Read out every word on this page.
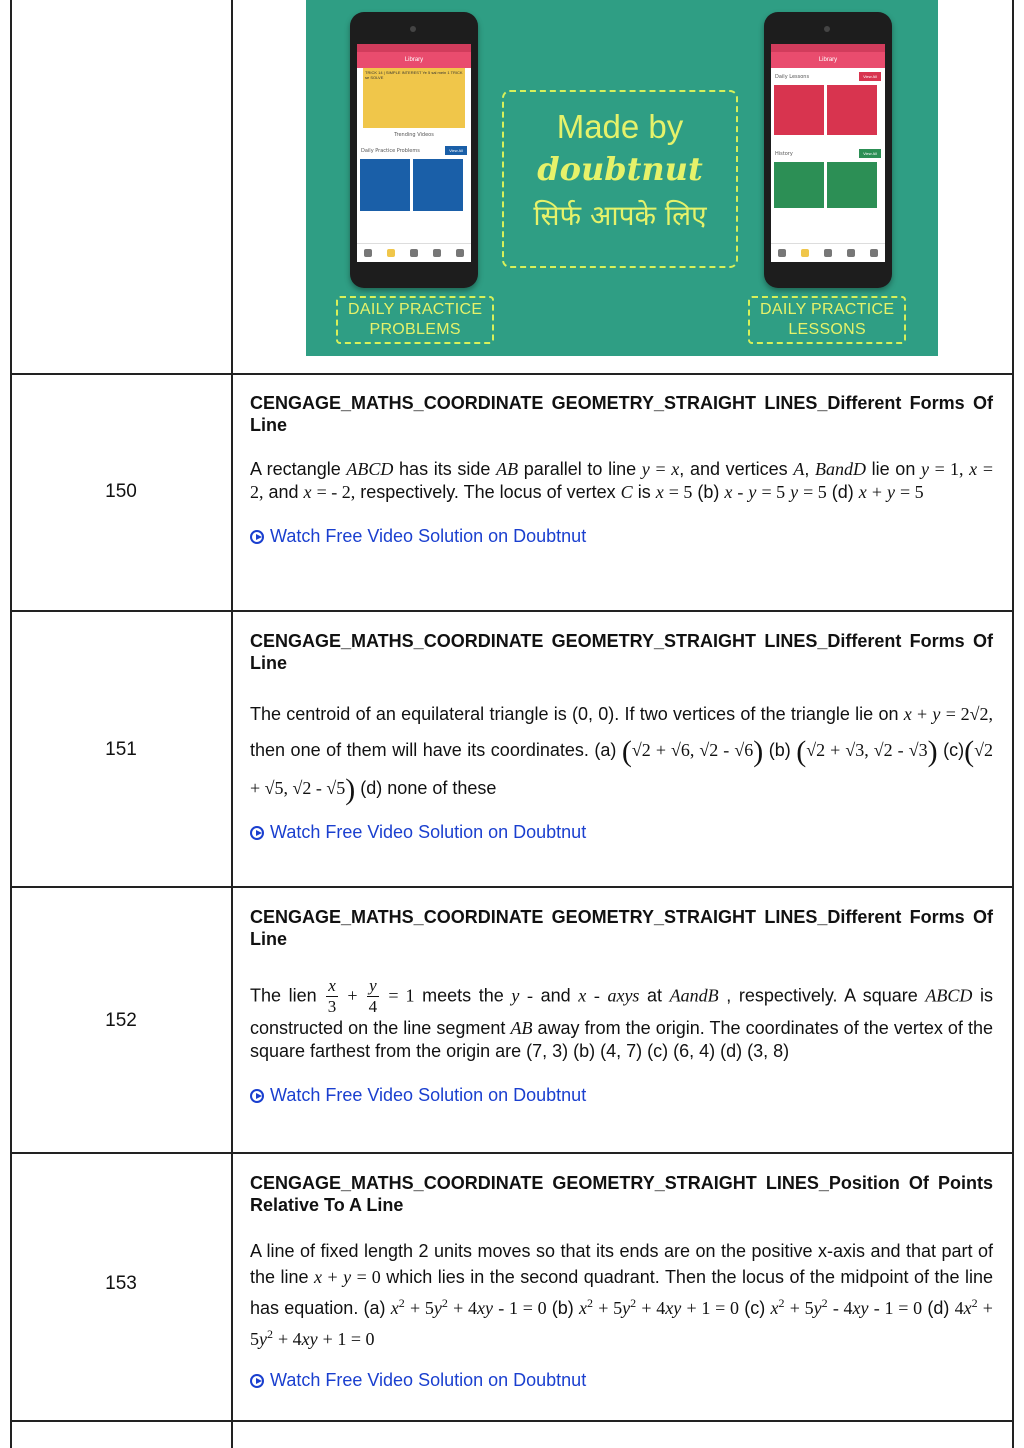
Library
TRICK 14 | SIMPLE INTEREST Ye 5 sal mein 1 TRICK se SOLVE
Trending Videos
Daily Practice Problems	View All
Library
Daily Lessons	View All
History	View All
Made by
doubtnut
सिर्फ आपके लिए
DAILY PRACTICE
PROBLEMS
DAILY PRACTICE
LESSONS
150
CENGAGE_MATHS_COORDINATE GEOMETRY_STRAIGHT LINES_Different Forms Of Line
A rectangle ABCD has its side AB parallel to line y = x, and vertices A, BandD lie on y = 1, x = 2, and x = - 2, respectively. The locus of vertex C is x = 5 (b) x - y = 5 y = 5 (d) x + y = 5
Watch Free Video Solution on Doubtnut
151
CENGAGE_MATHS_COORDINATE GEOMETRY_STRAIGHT LINES_Different Forms Of Line
The centroid of an equilateral triangle is (0, 0). If two vertices of the triangle lie on x + y = 2√2, then one of them will have its coordinates. (a) (√2 + √6, √2 - √6) (b) (√2 + √3, √2 - √3) (c)(√2 + √5, √2 - √5) (d) none of these
Watch Free Video Solution on Doubtnut
152
CENGAGE_MATHS_COORDINATE GEOMETRY_STRAIGHT LINES_Different Forms Of Line
The lien $\frac{x}{3} + \frac{y}{4} = 1$ meets the y - and x - axys at AandB , respectively. A square ABCD is constructed on the line segment AB away from the origin. The coordinates of the vertex of the square farthest from the origin are (7, 3) (b) (4, 7) (c) (6, 4) (d) (3, 8)
Watch Free Video Solution on Doubtnut
153
CENGAGE_MATHS_COORDINATE GEOMETRY_STRAIGHT LINES_Position Of Points Relative To A Line
A line of fixed length 2 units moves so that its ends are on the positive x-axis and that part of the line x + y = 0 which lies in the second quadrant. Then the locus of the midpoint of the line has equation. (a) $x^2 + 5y^2 + 4xy - 1 = 0$ (b) $x^2 + 5y^2 + 4xy + 1 = 0$ (c) $x^2 + 5y^2 - 4xy - 1 = 0$ (d) $4x^2 + 5y^2 + 4xy + 1 = 0$
Watch Free Video Solution on Doubtnut
